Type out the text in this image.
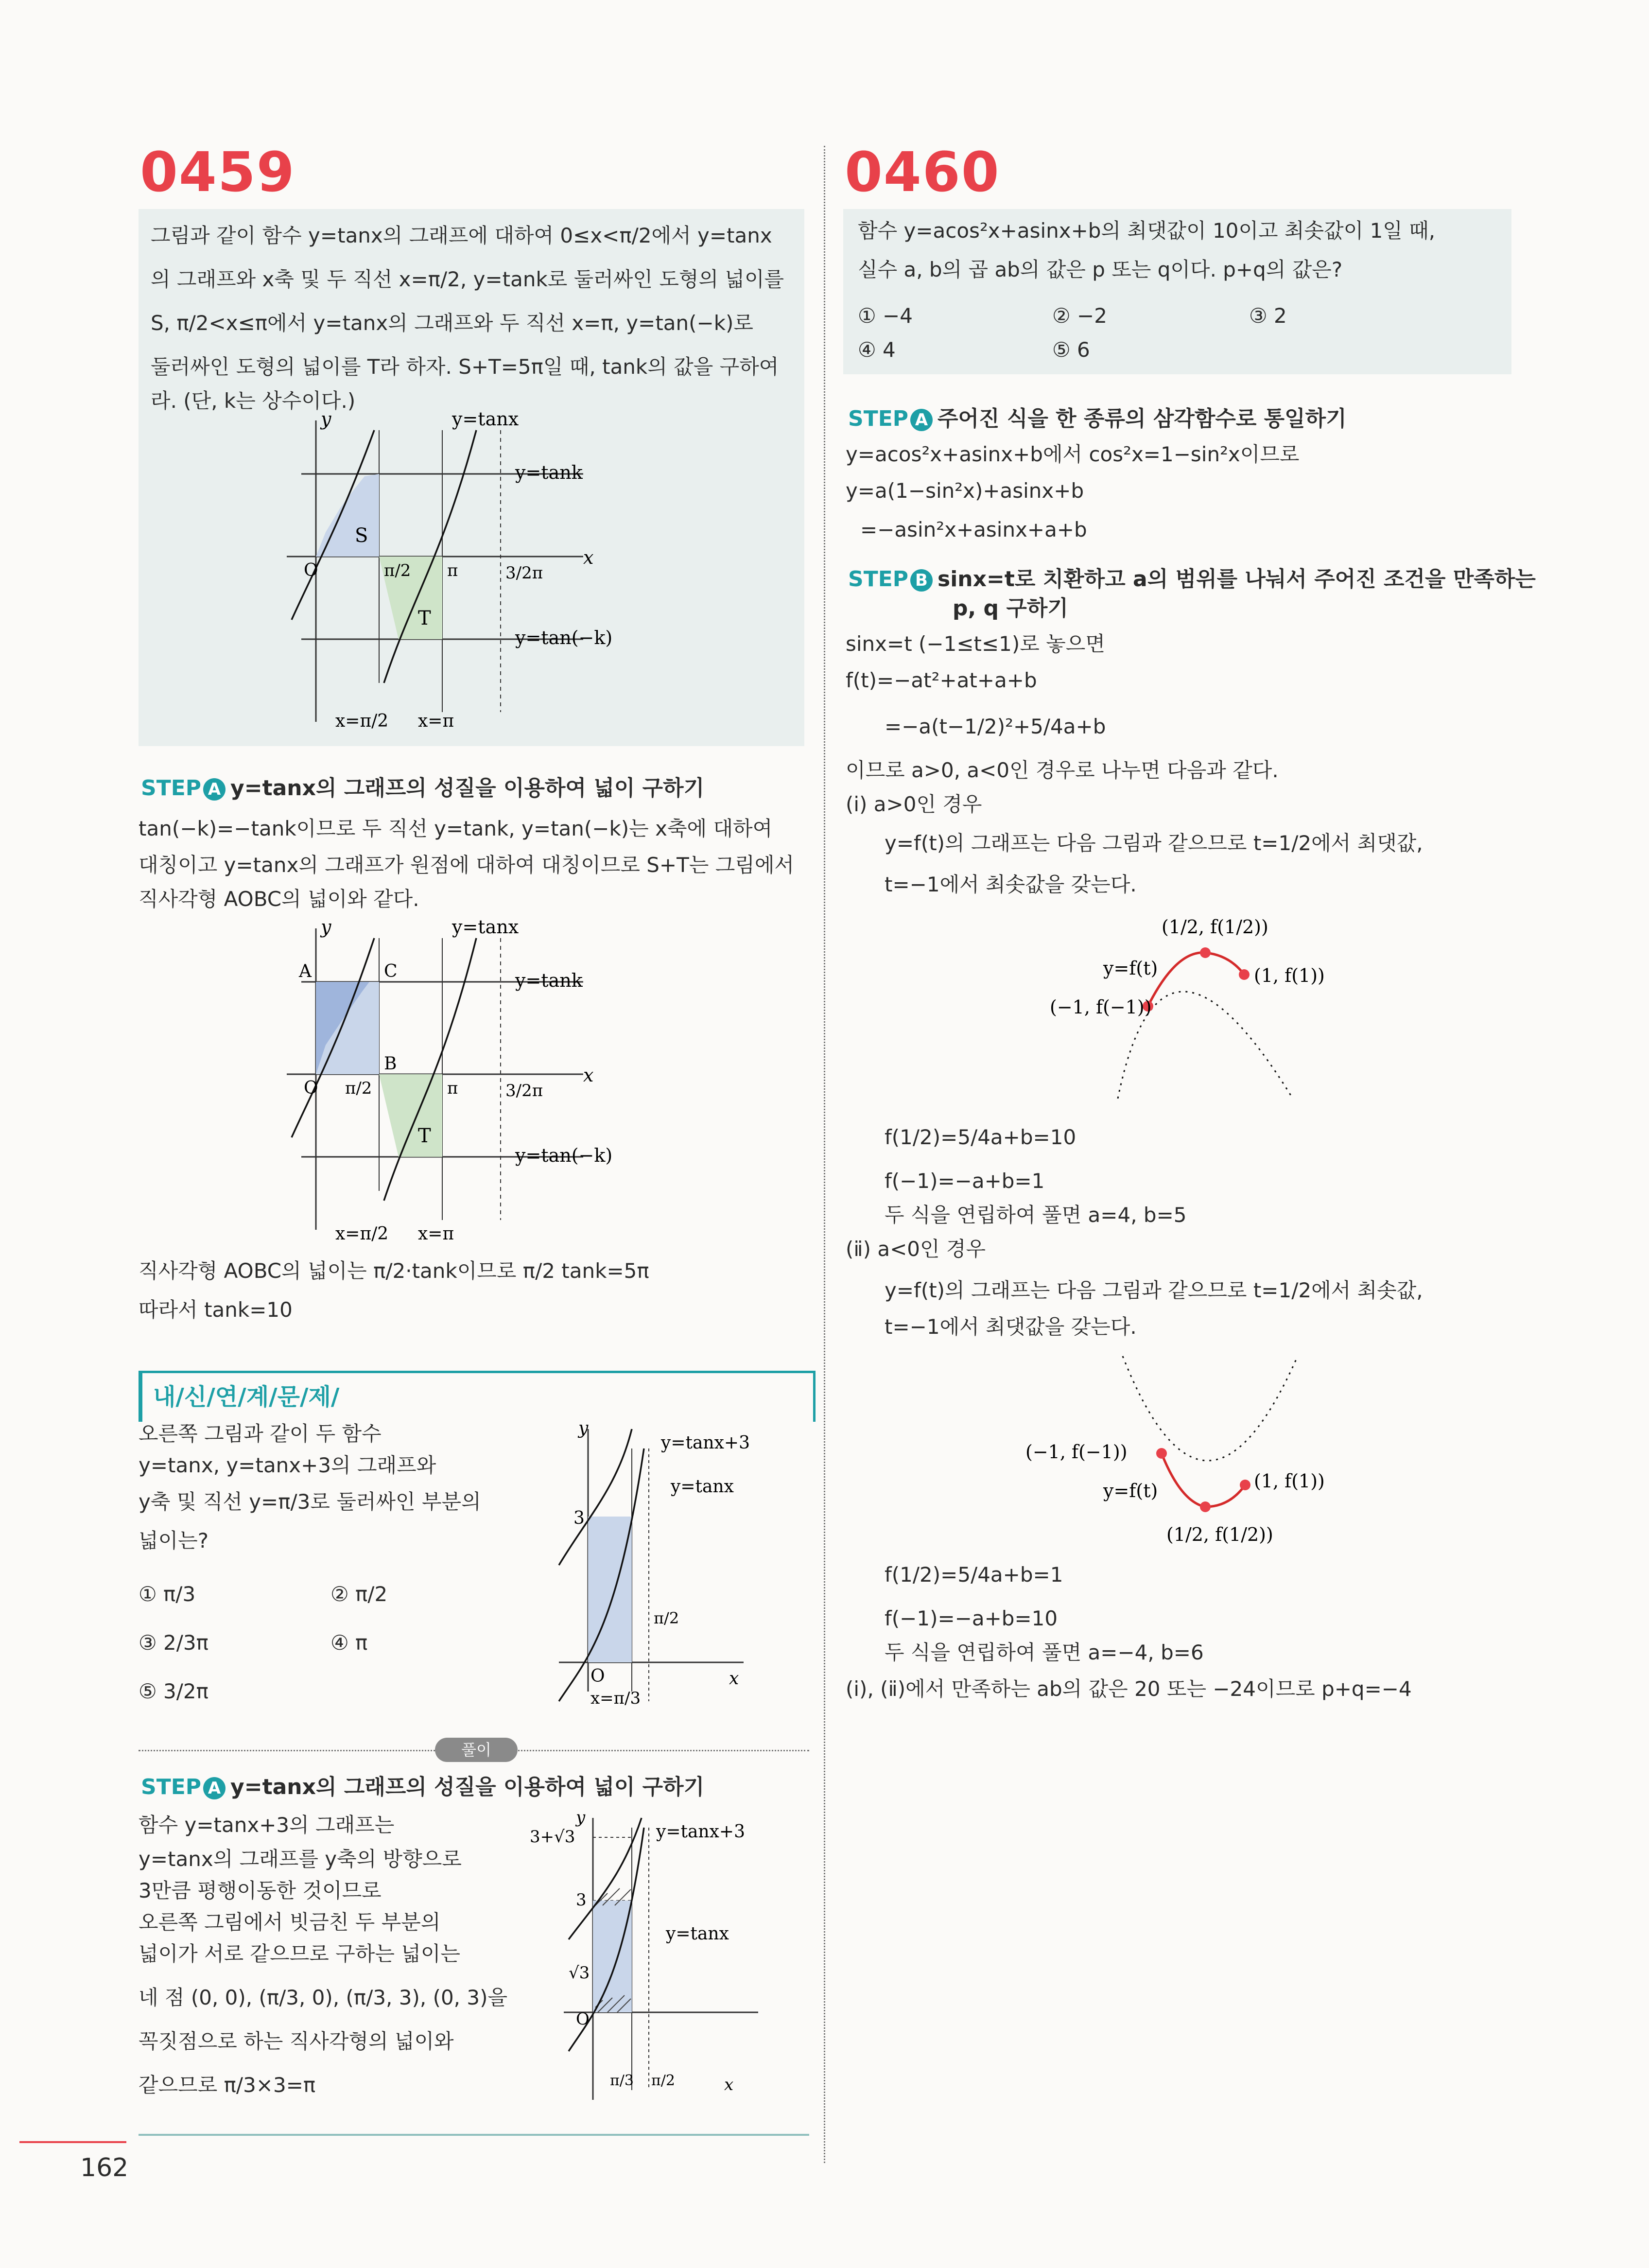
0459
그림과 같이 함수 y=tanx의 그래프에 대하여 0≤x<π/2에서 y=tanx
의 그래프와 x축 및 두 직선 x=π/2, y=tank로 둘러싸인 도형의 넓이를
S, π/2<x≤π에서 y=tanx의 그래프와 두 직선 x=π, y=tan(−k)로
둘러싸인 도형의 넓이를 T라 하자. S+T=5π일 때, tank의 값을 구하여
라. (단, k는 상수이다.)
y
x
O	π/2 π	3/2π
S
T
y=tanx
y=tank
y=tan(−k)
x=π/2 x=π
STEP A y=tanx의 그래프의 성질을 이용하여 넓이 구하기
tan(−k)=−tank이므로 두 직선 y=tank, y=tan(−k)는 x축에 대하여
대칭이고 y=tanx의 그래프가 원점에 대하여 대칭이므로 S+T는 그림에서
직사각형 AOBC의 넓이와 같다.
y
x
A	C
B
O π/2	π	3/2π
T
y=tanx
y=tank
y=tan(−k)
x=π/2 x=π
직사각형 AOBC의 넓이는 π/2·tank이므로 π/2 tank=5π
따라서 tank=10
내/신/연/계/문/제/
오른쪽 그림과 같이 두 함수
y=tanx, y=tanx+3의 그래프와
y축 및 직선 y=π/3로 둘러싸인 부분의
넓이는?
① π/3	② π/2
③ 2/3π	④ π
⑤ 3/2π
y
x
3
O
π/2
x=π/3
y=tanx+3
y=tanx
풀이
STEP A y=tanx의 그래프의 성질을 이용하여 넓이 구하기
함수 y=tanx+3의 그래프는
y=tanx의 그래프를 y축의 방향으로
3만큼 평행이동한 것이므로
오른쪽 그림에서 빗금친 두 부분의
넓이가 서로 같으므로 구하는 넓이는
네 점 (0, 0), (π/3, 0), (π/3, 3), (0, 3)을
꼭짓점으로 하는 직사각형의 넓이와
같으므로 π/3×3=π
y
x
3+√3
3
√3
O
π/3 π/2
y=tanx+3
y=tanx
0460
함수 y=acos²x+asinx+b의 최댓값이 10이고 최솟값이 1일 때,
실수 a, b의 곱 ab의 값은 p 또는 q이다. p+q의 값은?
① −4	② −2	③ 2
④ 4	⑤ 6
STEP A 주어진 식을 한 종류의 삼각함수로 통일하기
y=acos²x+asinx+b에서 cos²x=1−sin²x이므로
y=a(1−sin²x)+asinx+b
=−asin²x+asinx+a+b
STEP B sinx=t로 치환하고 a의 범위를 나눠서 주어진 조건을 만족하는
p, q 구하기
sinx=t (−1≤t≤1)로 놓으면
f(t)=−at²+at+a+b
=−a(t−1/2)²+5/4a+b
이므로 a>0, a<0인 경우로 나누면 다음과 같다.
(ⅰ) a>0인 경우
y=f(t)의 그래프는 다음 그림과 같으므로 t=1/2에서 최댓값,
t=−1에서 최솟값을 갖는다.
(1/2, f(1/2))
y=f(t)
(−1, f(−1))
(1, f(1))
f(1/2)=5/4a+b=10
f(−1)=−a+b=1
두 식을 연립하여 풀면 a=4, b=5
(ⅱ) a<0인 경우
y=f(t)의 그래프는 다음 그림과 같으므로 t=1/2에서 최솟값,
t=−1에서 최댓값을 갖는다.
(−1, f(−1))
y=f(t)	(1, f(1))
(1/2, f(1/2))
f(1/2)=5/4a+b=1
f(−1)=−a+b=10
두 식을 연립하여 풀면 a=−4, b=6
(ⅰ), (ⅱ)에서 만족하는 ab의 값은 20 또는 −24이므로 p+q=−4
162
